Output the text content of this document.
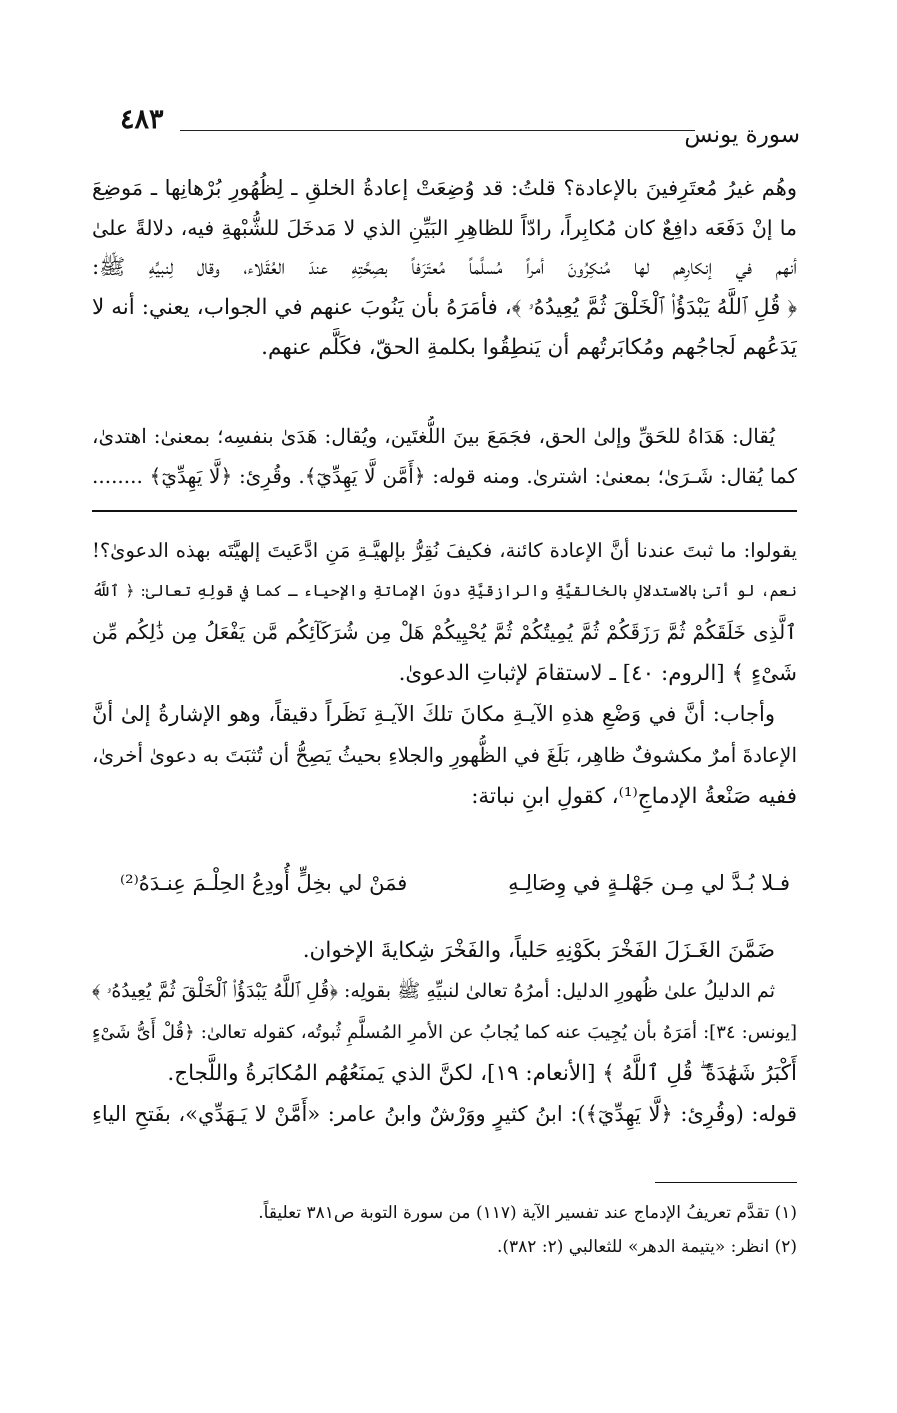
٤٨٣	سورة يونس
وهُم غيرُ مُعتَرِفينَ بالإعادة؟ قلتُ: قد وُضِعَتْ إعادةُ الخلقِ ـ لِظُهُورِ بُرْهانِها ـ مَوضِعَ
ما إنْ دَفَعَه دافِعٌ كان مُكابِراً، رادّاً للظاهِرِ البَيِّنِ الذي لا مَدخَلَ للشُّبْهةِ فيه، دلالةً علىٰ
أنهم في إنكارِهم لها مُنكِرُونَ أمراً مُسلَّماً مُعتَرَفاً بصِحَّتِهِ عندَ العُقَلاء، وقال لِنبيِّهِ ﷺ:
﴿ قُلِ ٱللَّهُ يَبْدَؤُا۟ ٱلْخَلْقَ ثُمَّ يُعِيدُهُۥ ﴾، فأمَرَهُ بأن يَنُوبَ عنهم في الجواب، يعني: أنه لا
يَدَعُهم لَجاجُهم ومُكابَرتُهم أن يَنطِقُوا بكلمةِ الحقّ، فكَلَّم عنهم.
يُقال: هَدَاهُ للحَقِّ وإلىٰ الحق، فجَمَعَ بينَ اللُّغتَين، ويُقال: هَدَىٰ بنفسِه؛ بمعنىٰ: اهتدىٰ،
كما يُقال: شَـرَىٰ؛ بمعنىٰ: اشترىٰ. ومنه قوله: ﴿أَمَّن لَّا يَهِدِّيٓ﴾. وقُرِئ: ﴿لَّا يَهِدِّيٓ﴾ ........
يقولوا: ما ثبتَ عندنا أنَّ الإعادة كائنة، فكيفَ نُقِرُّ بإلهيَّـةِ مَنِ ادَّعَيتَ إلهيَّتَه بهذه الدعوىٰ؟!
نعم، لو أتىٰ بالاستدلالِ بالخالقيَّةِ والرازقيَّةِ دونَ الإماتةِ والإحياء ـ كما في قولِهِ تعالىٰ: ﴿ ٱللَّهُ
ٱلَّذِى خَلَقَكُمْ ثُمَّ رَزَقَكُمْ ثُمَّ يُمِيتُكُمْ ثُمَّ يُحْيِيكُمْ هَلْ مِن شُرَكَآئِكُم مَّن يَفْعَلُ مِن ذَٰلِكُم مِّن
شَىْءٍ ﴾ [الروم: ٤٠] ـ لاستقامَ لإثباتِ الدعوىٰ.
وأجاب: أنَّ في وَضْعِ هذهِ الآيـةِ مكانَ تلكَ الآيـةِ نَظَراً دقيقاً، وهو الإشارةُ إلىٰ أنَّ
الإعادةَ أمرٌ مكشوفٌ ظاهِر، بَلَغَ في الظُّهورِ والجلاءِ بحيثُ يَصِحُّ أن تُثبَتَ به دعوىٰ أخرىٰ،
ففيه صَنْعةُ الإدماجِ⁽¹⁾، كقولِ ابنِ نباتة:
فـلا بُـدَّ لي مِـن جَهْلـةٍ في وِصَالِـهِ
فمَنْ لي بخِلٍّ أُودِعُ الحِلْـمَ عِنـدَهُ⁽²⁾
ضَمَّنَ الغَـزَلَ الفَخْرَ بكَوْنِهِ حَلياً، والفَخْرَ شِكايةَ الإخوان.
ثم الدليلُ علىٰ ظُهورِ الدليل: أمرُهُ تعالىٰ لنبيِّهِ ﷺ بقولِه: ﴿قُلِ ٱللَّهُ يَبْدَؤُا۟ ٱلْخَلْقَ ثُمَّ يُعِيدُهُۥ ﴾
[يونس: ٣٤]: أمَرَهُ بأن يُجِيبَ عنه كما يُجابُ عن الأمرِ المُسلَّمِ ثُبوتُه، كقوله تعالىٰ: ﴿قُلْ أَىُّ شَىْءٍ
أَكْبَرُ شَهَٰدَةً ۖ قُلِ ٱللَّهُ ﴾ [الأنعام: ١٩]، لكنَّ الذي يَمنَعُهُم المُكابَرةُ واللَّجاج.
قوله: (وقُرِئ: ﴿لَّا يَهِدِّيٓ﴾): ابنُ كثيرٍ ووَرْشٌ وابنُ عامر: «أَمَّنْ لا يَـهَدِّي»، بفَتحِ الياءِ
(١) تقدَّم تعريفُ الإدماج عند تفسير الآية (١١٧) من سورة التوبة ص٣٨١ تعليقاً.
(٢) انظر: «يتيمة الدهر» للثعالبي (٢: ٣٨٢).
